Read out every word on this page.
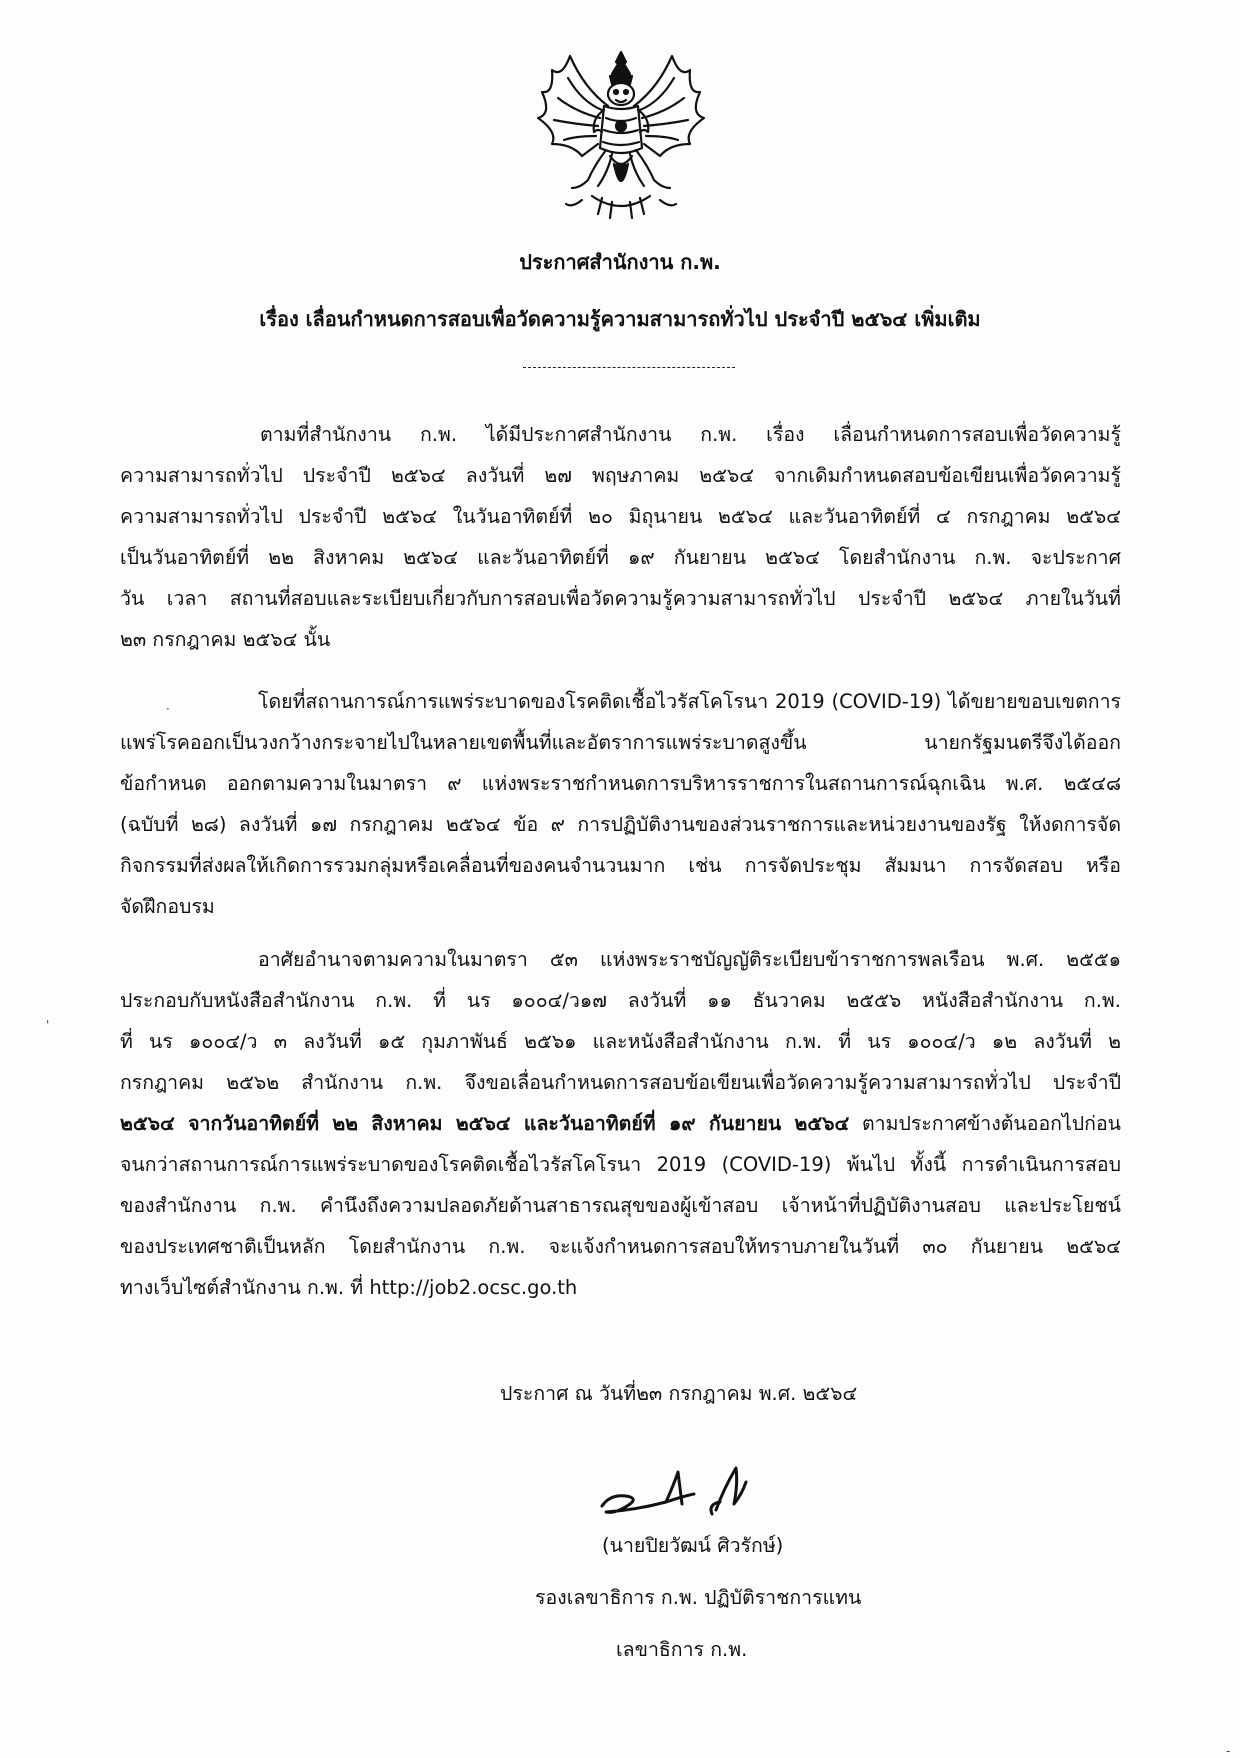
ประกาศสำนักงาน ก.พ.
เรื่อง เลื่อนกำหนดการสอบเพื่อวัดความรู้ความสามารถทั่วไป ประจำปี ๒๕๖๔ เพิ่มเติม
ตามที่สำนักงาน ก.พ. ได้มีประกาศสำนักงาน ก.พ. เรื่อง เลื่อนกำหนดการสอบเพื่อวัดความรู้
ความสามารถทั่วไป ประจำปี ๒๕๖๔ ลงวันที่ ๒๗ พฤษภาคม ๒๕๖๔ จากเดิมกำหนดสอบข้อเขียนเพื่อวัดความรู้
ความสามารถทั่วไป ประจำปี ๒๕๖๔ ในวันอาทิตย์ที่ ๒๐ มิถุนายน ๒๕๖๔ และวันอาทิตย์ที่ ๔ กรกฎาคม ๒๕๖๔
เป็นวันอาทิตย์ที่ ๒๒ สิงหาคม ๒๕๖๔ และวันอาทิตย์ที่ ๑๙ กันยายน ๒๕๖๔ โดยสำนักงาน ก.พ. จะประกาศ
วัน เวลา สถานที่สอบและระเบียบเกี่ยวกับการสอบเพื่อวัดความรู้ความสามารถทั่วไป ประจำปี ๒๕๖๔ ภายในวันที่
๒๓ กรกฎาคม ๒๕๖๔ นั้น
โดยที่สถานการณ์การแพร่ระบาดของโรคติดเชื้อไวรัสโคโรนา 2019 (COVID-19) ได้ขยายขอบเขตการ
แพร่โรคออกเป็นวงกว้างกระจายไปในหลายเขตพื้นที่และอัตราการแพร่ระบาดสูงขึ้น นายกรัฐมนตรีจึงได้ออก
ข้อกำหนด ออกตามความในมาตรา ๙ แห่งพระราชกำหนดการบริหารราชการในสถานการณ์ฉุกเฉิน พ.ศ. ๒๕๔๘
(ฉบับที่ ๒๘) ลงวันที่ ๑๗ กรกฎาคม ๒๕๖๔ ข้อ ๙ การปฏิบัติงานของส่วนราชการและหน่วยงานของรัฐ ให้งดการจัด
กิจกรรมที่ส่งผลให้เกิดการรวมกลุ่มหรือเคลื่อนที่ของคนจำนวนมาก เช่น การจัดประชุม สัมมนา การจัดสอบ หรือ
จัดฝึกอบรม
อาศัยอำนาจตามความในมาตรา ๕๓ แห่งพระราชบัญญัติระเบียบข้าราชการพลเรือน พ.ศ. ๒๕๕๑
ประกอบกับหนังสือสำนักงาน ก.พ. ที่ นร ๑๐๐๔/ว๑๗ ลงวันที่ ๑๑ ธันวาคม ๒๕๕๖ หนังสือสำนักงาน ก.พ.
ที่ นร ๑๐๐๔/ว ๓ ลงวันที่ ๑๕ กุมภาพันธ์ ๒๕๖๑ และหนังสือสำนักงาน ก.พ. ที่ นร ๑๐๐๔/ว ๑๒ ลงวันที่ ๒
กรกฎาคม ๒๕๖๒ สำนักงาน ก.พ. จึงขอเลื่อนกำหนดการสอบข้อเขียนเพื่อวัดความรู้ความสามารถทั่วไป ประจำปี
๒๕๖๔ จากวันอาทิตย์ที่ ๒๒ สิงหาคม ๒๕๖๔ และวันอาทิตย์ที่ ๑๙ กันยายน ๒๕๖๔ ตามประกาศข้างต้นออกไปก่อน
จนกว่าสถานการณ์การแพร่ระบาดของโรคติดเชื้อไวรัสโคโรนา 2019 (COVID-19) พ้นไป ทั้งนี้ การดำเนินการสอบ
ของสำนักงาน ก.พ. คำนึงถึงความปลอดภัยด้านสาธารณสุขของผู้เข้าสอบ เจ้าหน้าที่ปฏิบัติงานสอบ และประโยชน์
ของประเทศชาติเป็นหลัก โดยสำนักงาน ก.พ. จะแจ้งกำหนดการสอบให้ทราบภายในวันที่ ๓๐ กันยายน ๒๕๖๔
ทางเว็บไซต์สำนักงาน ก.พ. ที่ http://job2.ocsc.go.th
ประกาศ ณ วันที่๒๓ กรกฎาคม พ.ศ. ๒๕๖๔
(นายปิยวัฒน์ ศิวรักษ์)
รองเลขาธิการ ก.พ. ปฏิบัติราชการแทน
เลขาธิการ ก.พ.
·
'
-
